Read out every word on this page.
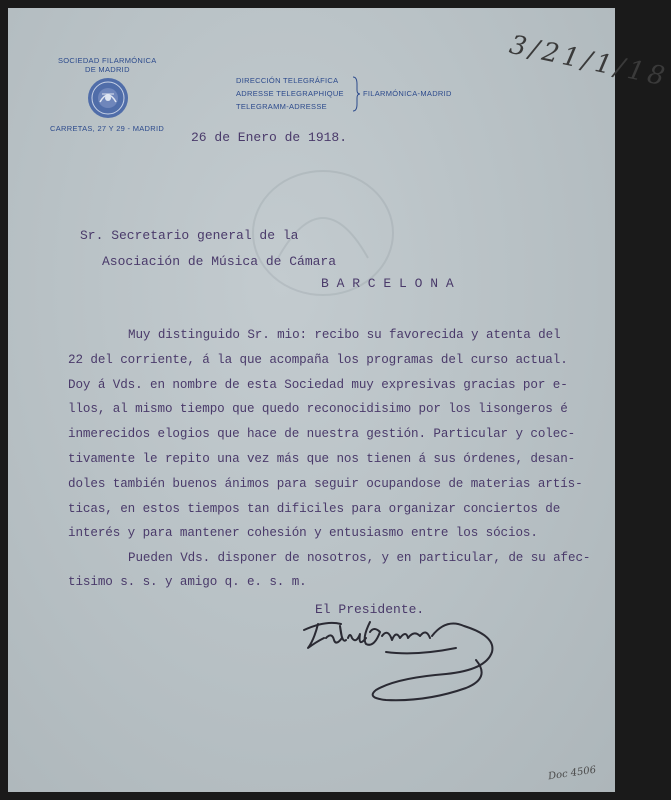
SOCIEDAD FILARMÓNICA
DE MADRID
CARRETAS, 27 Y 29 - MADRID
DIRECCIÓN TELEGRÁFICA
ADRESSE TELEGRAPHIQUE
TELEGRAMM-ADRESSE
FILARMÓNICA-MADRID
3/21/1/18
26 de Enero de 1918.
Sr. Secretario general de la
Asociación de Música de Cámara
B A R C E L O N A
Muy distinguido Sr. mio: recibo su favorecida y atenta del
22 del corriente, á la que acompaña los programas del curso actual.
Doy á Vds. en nombre de esta Sociedad muy expresivas gracias por e-
llos, al mismo tiempo que quedo reconocidisimo por los lisongeros é
inmerecidos elogios que hace de nuestra gestión. Particular y colec-
tivamente le repito una vez más que nos tienen á sus órdenes, desan-
doles también buenos ánimos para seguir ocupandose de materias artís-
ticas, en estos tiempos tan dificiles para organizar conciertos de
interés y para mantener cohesión y entusiasmo entre los sócios.
Pueden Vds. disponer de nosotros, y en particular, de su afec-
tisimo s. s. y amigo q. e. s. m.
El Presidente.
Doc 4506
